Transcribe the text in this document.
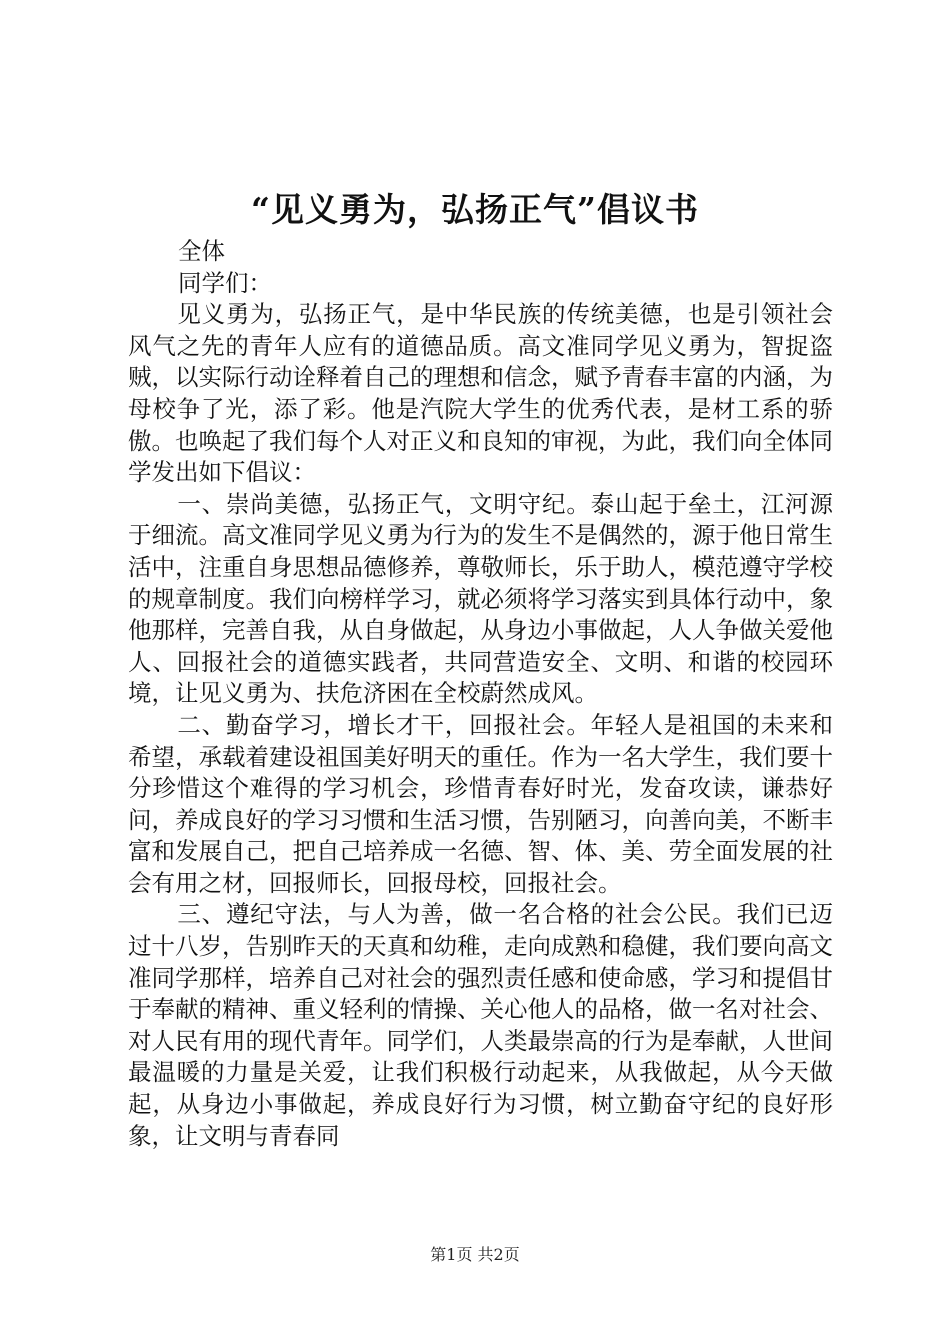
“见义勇为，弘扬正气”倡议书

全体

同学们：

见义勇为，弘扬正气，是中华民族的传统美德，也是引领社会风气之先的青年人应有的道德品质。高文准同学见义勇为，智捉盗贼，以实际行动诠释着自己的理想和信念，赋予青春丰富的内涵，为母校争了光，添了彩。他是汽院大学生的优秀代表，是材工系的骄傲。也唤起了我们每个人对正义和良知的审视，为此，我们向全体同学发出如下倡议：

一、崇尚美德，弘扬正气，文明守纪。泰山起于垒土，江河源于细流。高文准同学见义勇为行为的发生不是偶然的，源于他日常生活中，注重自身思想品德修养，尊敬师长，乐于助人，模范遵守学校的规章制度。我们向榜样学习，就必须将学习落实到具体行动中，象他那样，完善自我，从自身做起，从身边小事做起，人人争做关爱他人、回报社会的道德实践者，共同营造安全、文明、和谐的校园环境，让见义勇为、扶危济困在全校蔚然成风。

二、勤奋学习，增长才干，回报社会。年轻人是祖国的未来和希望，承载着建设祖国美好明天的重任。作为一名大学生，我们要十分珍惜这个难得的学习机会，珍惜青春好时光，发奋攻读，谦恭好问，养成良好的学习习惯和生活习惯，告别陋习，向善向美，不断丰富和发展自己，把自己培养成一名德、智、体、美、劳全面发展的社会有用之材，回报师长，回报母校，回报社会。

三、遵纪守法，与人为善，做一名合格的社会公民。我们已迈过十八岁，告别昨天的天真和幼稚，走向成熟和稳健，我们要向高文准同学那样，培养自己对社会的强烈责任感和使命感，学习和提倡甘于奉献的精神、重义轻利的情操、关心他人的品格，做一名对社会、对人民有用的现代青年。同学们，人类最崇高的行为是奉献，人世间最温暖的力量是关爱，让我们积极行动起来，从我做起，从今天做起，从身边小事做起，养成良好行为习惯，树立勤奋守纪的良好形象，让文明与青春同

第1页 共2页
